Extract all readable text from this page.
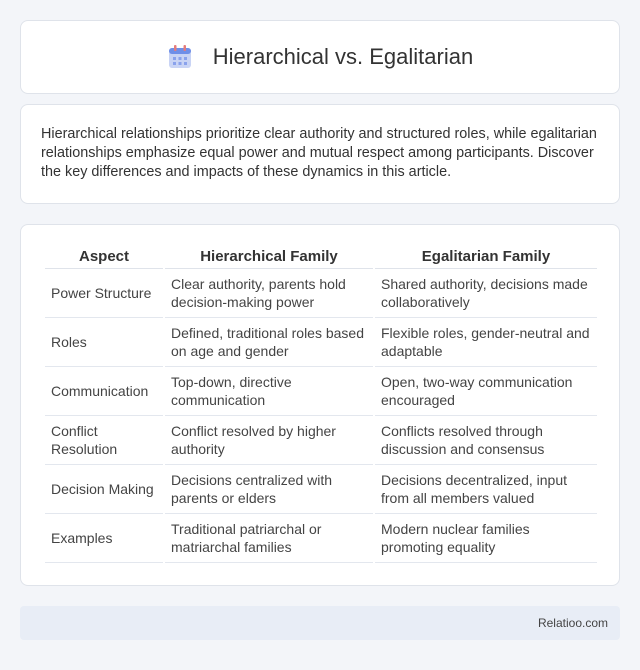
Hierarchical vs. Egalitarian

Hierarchical relationships prioritize clear authority and structured roles, while egalitarian relationships emphasize equal power and mutual respect among participants. Discover the key differences and impacts of these dynamics in this article.

Aspect	Hierarchical Family	Egalitarian Family
Power Structure	Clear authority, parents hold decision-making power	Shared authority, decisions made collaboratively
Roles	Defined, traditional roles based on age and gender	Flexible roles, gender-neutral and adaptable
Communication	Top-down, directive communication	Open, two-way communication encouraged
Conflict Resolution	Conflict resolved by higher authority	Conflicts resolved through discussion and consensus
Decision Making	Decisions centralized with parents or elders	Decisions decentralized, input from all members valued
Examples	Traditional patriarchal or matriarchal families	Modern nuclear families promoting equality
Relatioo.com
